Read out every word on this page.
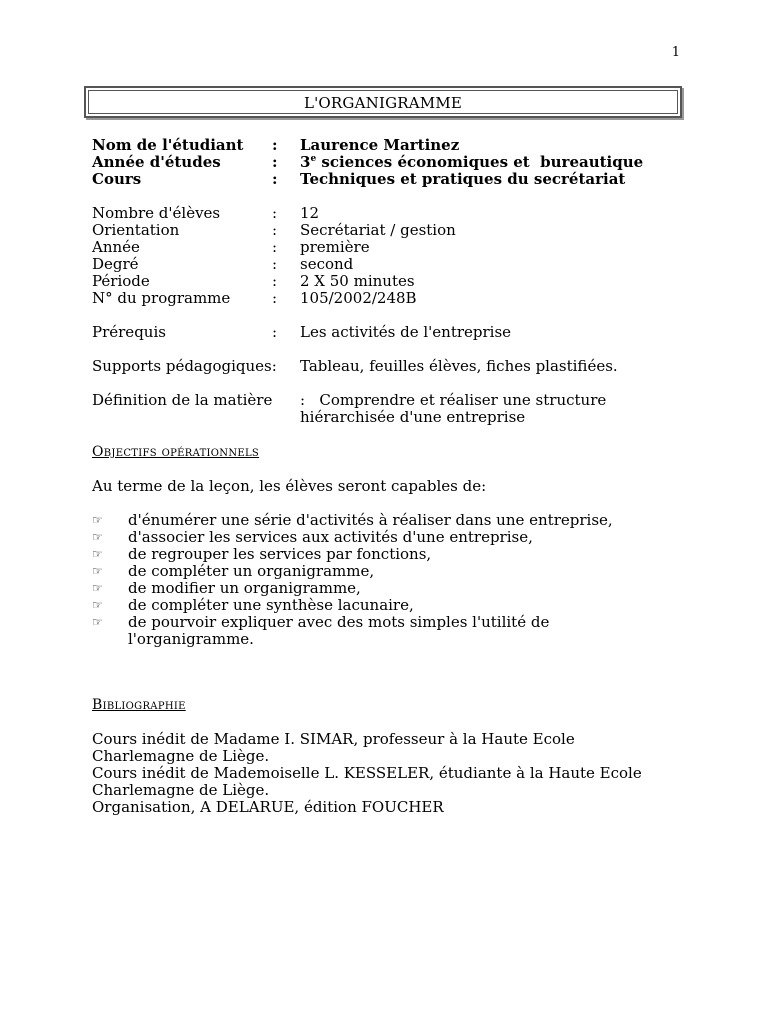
1
L'ORGANIGRAMME
Nom de l'étudiant : Laurence Martinez
Année d'études	: 3e sciences économiques et  bureautique
Cours	: Techniques et pratiques du secrétariat
Nombre d'élèves	: 12
Orientation	: Secrétariat / gestion
Année	: première
Degré	: second
Période	: 2 X 50 minutes
N° du programme	: 105/2002/248B
Prérequis	: Les activités de l'entreprise
Supports pédagogiques: Tableau, feuilles élèves, fiches plastifiées.
Définition de la matière :   Comprendre et réaliser une structure
hiérarchisée d'une entreprise
Objectifs opérationnels
Au terme de la leçon, les élèves seront capables de:
☞ d'énumérer une série d'activités à réaliser dans une entreprise,
☞ d'associer les services aux activités d'une entreprise,
☞ de regrouper les services par fonctions,
☞ de compléter un organigramme,
☞ de modifier un organigramme,
☞ de compléter une synthèse lacunaire,
☞ de pourvoir expliquer avec des mots simples l'utilité de
l'organigramme.
Bibliographie
Cours inédit de Madame I. SIMAR, professeur à la Haute Ecole
Charlemagne de Liège.
Cours inédit de Mademoiselle L. KESSELER, étudiante à la Haute Ecole
Charlemagne de Liège.
Organisation, A DELARUE, édition FOUCHER
